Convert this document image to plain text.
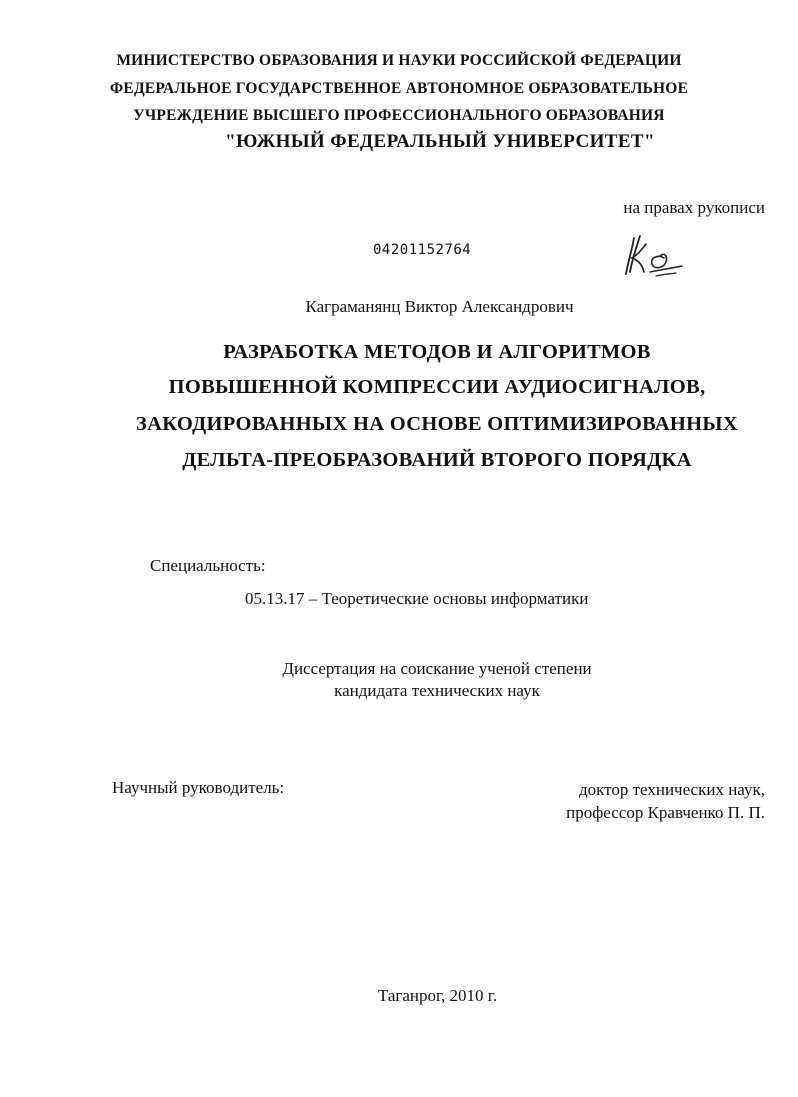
МИНИСТЕРСТВО ОБРАЗОВАНИЯ И НАУКИ РОССИЙСКОЙ ФЕДЕРАЦИИ
ФЕДЕРАЛЬНОЕ ГОСУДАРСТВЕННОЕ АВТОНОМНОЕ ОБРАЗОВАТЕЛЬНОЕ
УЧРЕЖДЕНИЕ ВЫСШЕГО ПРОФЕССИОНАЛЬНОГО ОБРАЗОВАНИЯ
"ЮЖНЫЙ ФЕДЕРАЛЬНЫЙ УНИВЕРСИТЕТ"
на правах рукописи
04201152764
Каграманянц Виктор Александрович
РАЗРАБОТКА МЕТОДОВ И АЛГОРИТМОВ
ПОВЫШЕННОЙ КОМПРЕССИИ АУДИОСИГНАЛОВ,
ЗАКОДИРОВАННЫХ НА ОСНОВЕ ОПТИМИЗИРОВАННЫХ
ДЕЛЬТА-ПРЕОБРАЗОВАНИЙ ВТОРОГО ПОРЯДКА
Специальность:
05.13.17 – Теоретические основы информатики
Диссертация на соискание ученой степени
кандидата технических наук
Научный руководитель:	доктор технических наук,
профессор Кравченко П. П.
Таганрог, 2010 г.
